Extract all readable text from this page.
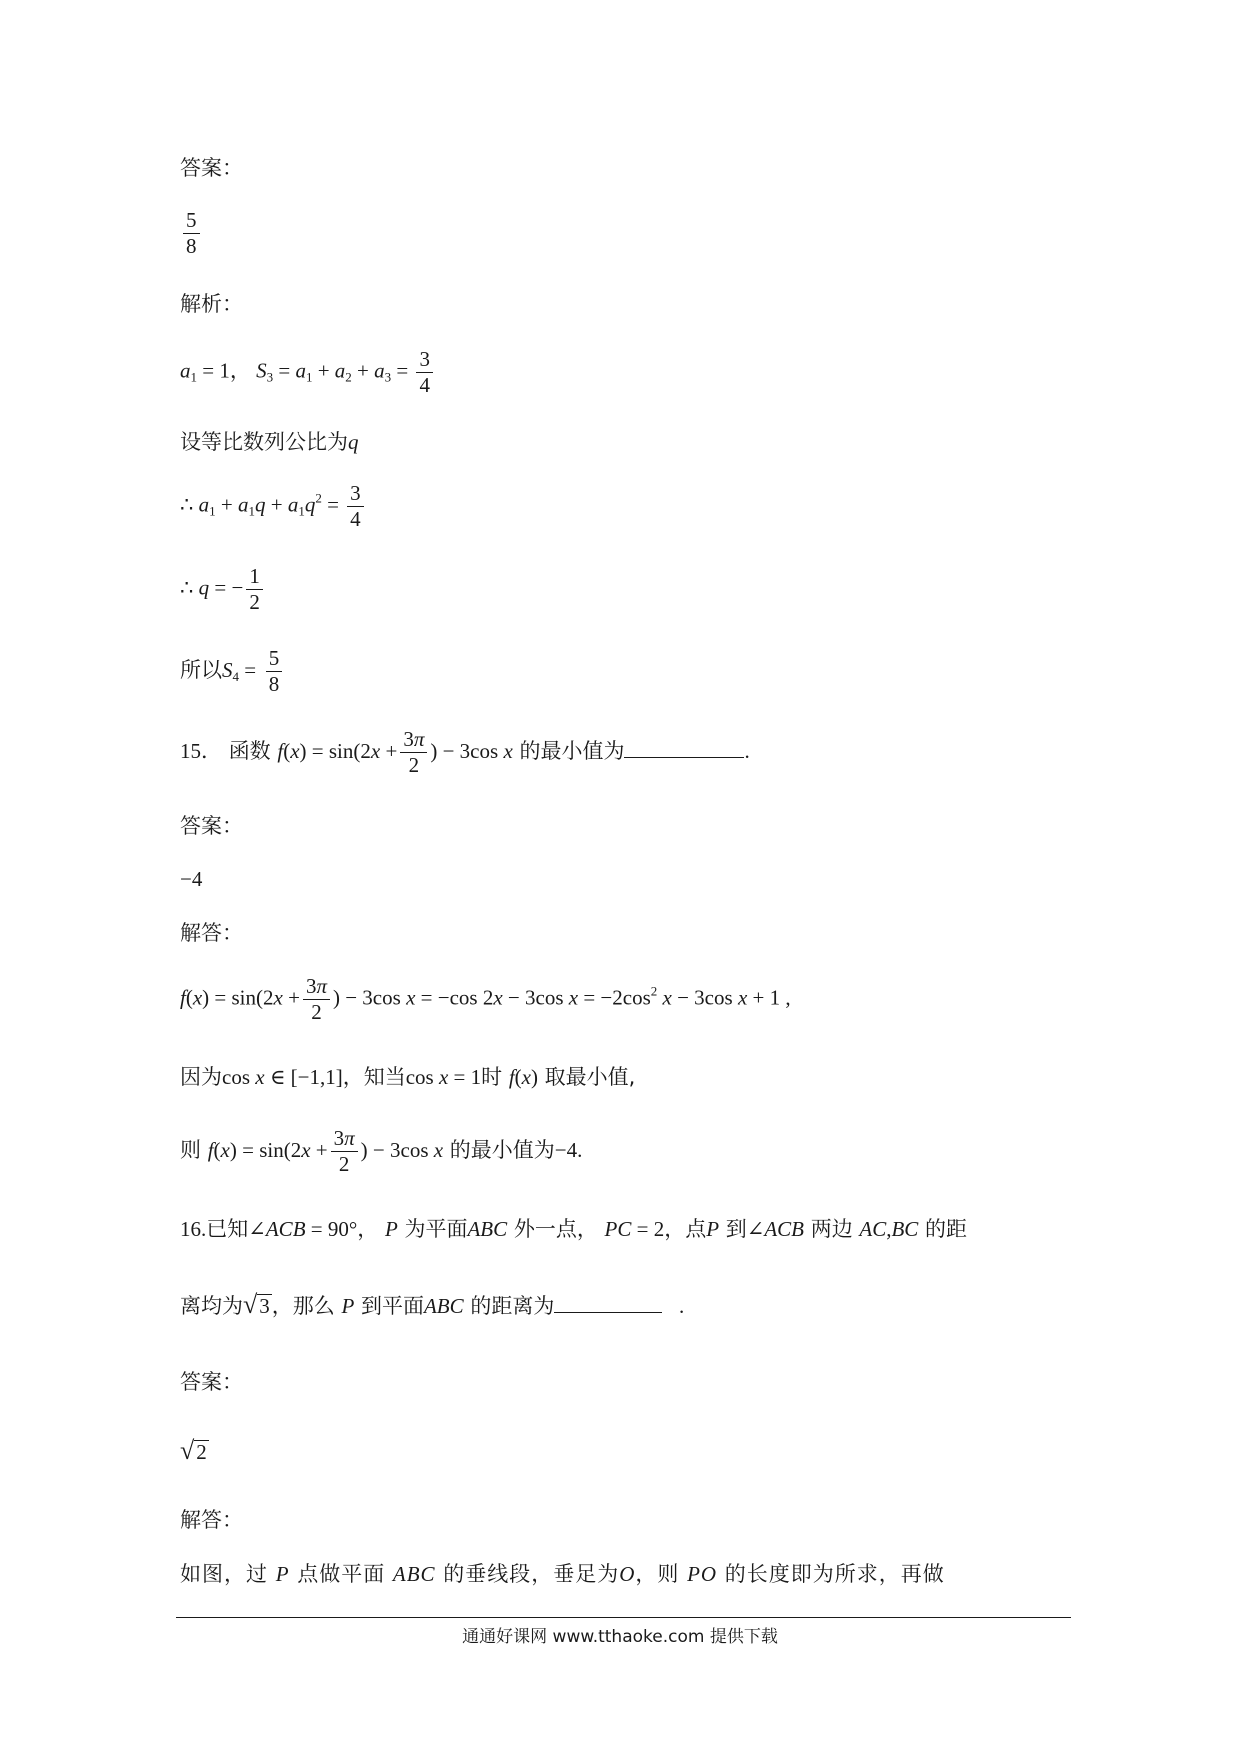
答案：
$\frac{5}{8}$
解析：
$a_1 = 1$， $S_3 = a_1 + a_2 + a_3 = \frac{3}{4}$
设等比数列公比为q
∴ $a_1 + a_1q + a_1q^2 = \frac{3}{4}$
∴ q = − $\frac{1}{2}$
所以$S_4 = \frac{5}{8}$
15． 函数 $f(x) = \sin(2x + \frac{3\pi}{2}$ ) − 3cos x 的最小值为	.
答案：
−4
解答：
$f(x) = \sin(2x + \frac{3\pi}{2}$ ) − 3cos x = −cos 2x − 3cos $x = -2\cos^2$ x − 3cos x + 1 ,
因为cos x ∈ [−1,1]，知当cos x = 1时 f(x) 取最小值,
则 $f(x) = \sin(2x + \frac{3\pi}{2}$ ) − 3cos x 的最小值为−4.
16.已知∠ACB = 90°， P 为平面ABC 外一点， PC = 2，点P 到∠ACB 两边 AC,BC 的距
离均为 √ 3 ，那么 P 到平面ABC 的距离为	.
答案：
√ 2
解答：
如图，过 P 点做平面 ABC 的垂线段，垂足为O，则 PO 的长度即为所求，再做
通通好课网 www.tthaoke.com 提供下载
